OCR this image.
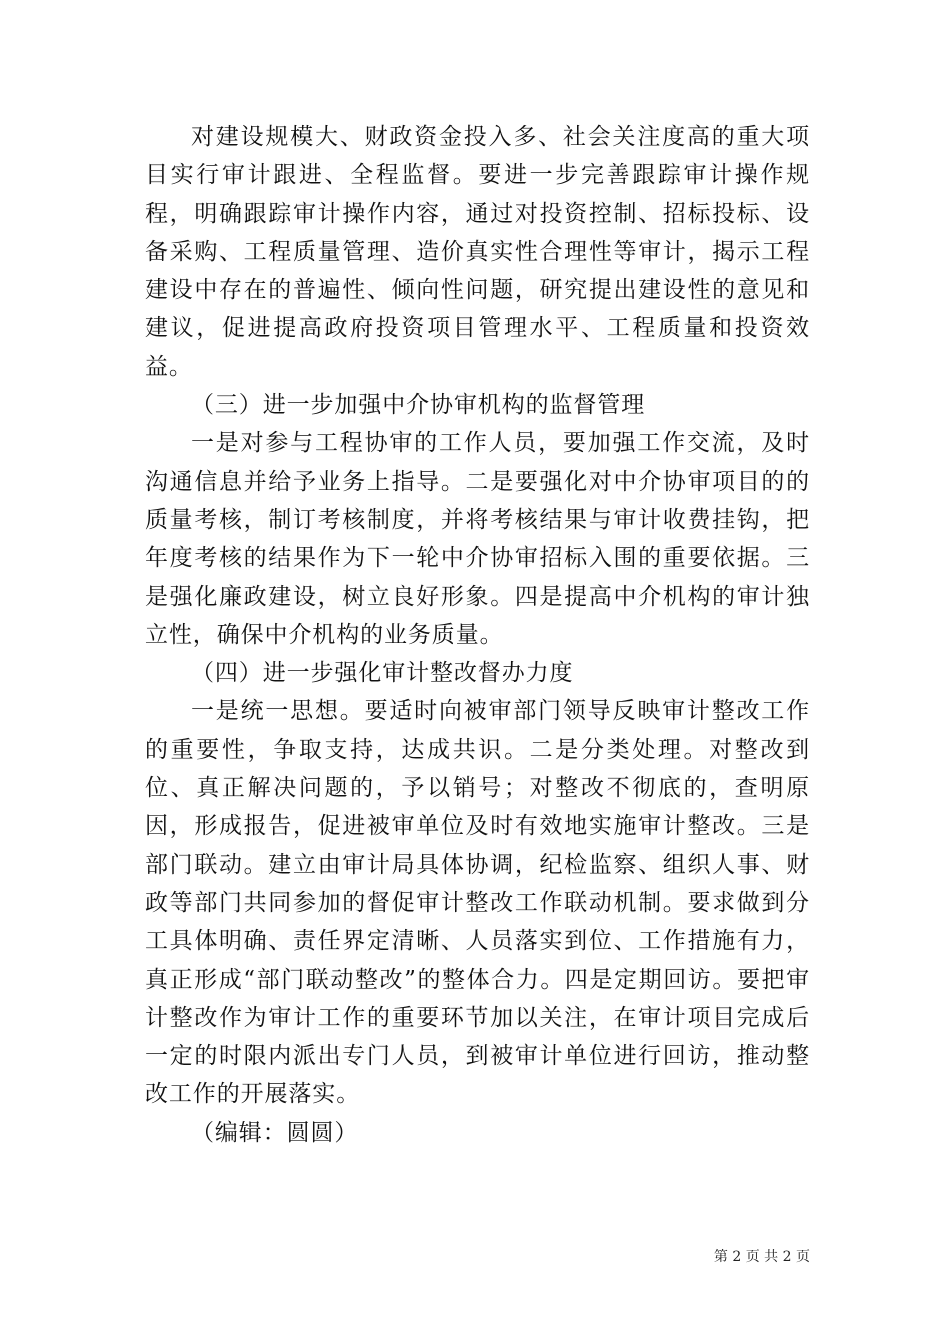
对建设规模大、财政资金投入多、社会关注度高的重大项目实行审计跟进、全程监督。要进一步完善跟踪审计操作规程，明确跟踪审计操作内容，通过对投资控制、招标投标、设备采购、工程质量管理、造价真实性合理性等审计，揭示工程建设中存在的普遍性、倾向性问题，研究提出建设性的意见和建议，促进提高政府投资项目管理水平、工程质量和投资效益。

（三）进一步加强中介协审机构的监督管理

一是对参与工程协审的工作人员，要加强工作交流，及时沟通信息并给予业务上指导。二是要强化对中介协审项目的的质量考核，制订考核制度，并将考核结果与审计收费挂钩，把年度考核的结果作为下一轮中介协审招标入围的重要依据。三是强化廉政建设，树立良好形象。四是提高中介机构的审计独立性，确保中介机构的业务质量。

（四）进一步强化审计整改督办力度

一是统一思想。要适时向被审部门领导反映审计整改工作的重要性，争取支持，达成共识。二是分类处理。对整改到位、真正解决问题的，予以销号；对整改不彻底的，查明原因，形成报告，促进被审单位及时有效地实施审计整改。三是部门联动。建立由审计局具体协调，纪检监察、组织人事、财政等部门共同参加的督促审计整改工作联动机制。要求做到分工具体明确、责任界定清晰、人员落实到位、工作措施有力，真正形成“部门联动整改”的整体合力。四是定期回访。要把审计整改作为审计工作的重要环节加以关注，在审计项目完成后一定的时限内派出专门人员，到被审计单位进行回访，推动整改工作的开展落实。

（编辑：圆圆）

第 2 页 共 2 页
